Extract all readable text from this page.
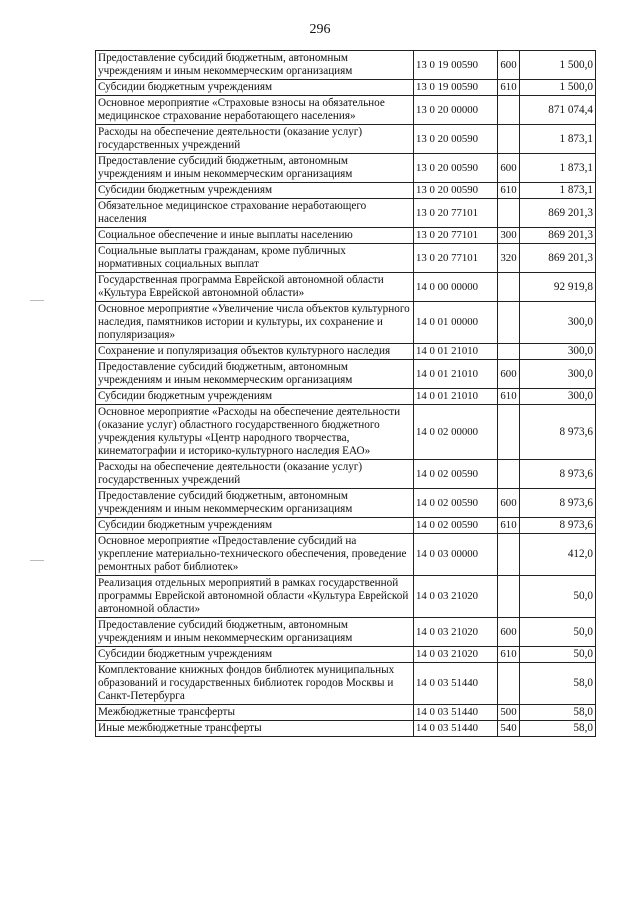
296
Предоставление субсидий бюджетным, автономным учреждениям и иным некоммерческим организациям	13 0 19 00590	600	1 500,0
Субсидии бюджетным учреждениям	13 0 19 00590	610	1 500,0
Основное мероприятие «Страховые взносы на обязательное медицинское страхование неработающего населения»	13 0 20 00000		871 074,4
Расходы на обеспечение деятельности (оказание услуг) государственных учреждений	13 0 20 00590		1 873,1
Предоставление субсидий бюджетным, автономным учреждениям и иным некоммерческим организациям	13 0 20 00590	600	1 873,1
Субсидии бюджетным учреждениям	13 0 20 00590	610	1 873,1
Обязательное медицинское страхование неработающего населения	13 0 20 77101		869 201,3
Социальное обеспечение и иные выплаты населению	13 0 20 77101	300	869 201,3
Социальные выплаты гражданам, кроме публичных нормативных социальных выплат	13 0 20 77101	320	869 201,3
Государственная программа Еврейской автономной области «Культура Еврейской автономной области»	14 0 00 00000		92 919,8
Основное мероприятие «Увеличение числа объектов культурного наследия, памятников истории и культуры, их сохранение и популяризация»	14 0 01 00000		300,0
Сохранение и популяризация объектов культурного наследия	14 0 01 21010		300,0
Предоставление субсидий бюджетным, автономным учреждениям и иным некоммерческим организациям	14 0 01 21010	600	300,0
Субсидии бюджетным учреждениям	14 0 01 21010	610	300,0
Основное мероприятие «Расходы на обеспечение деятельности (оказание услуг) областного государственного бюджетного учреждения культуры «Центр народного творчества, кинематографии и историко-культурного наследия ЕАО»	14 0 02 00000		8 973,6
Расходы на обеспечение деятельности (оказание услуг) государственных учреждений	14 0 02 00590		8 973,6
Предоставление субсидий бюджетным, автономным учреждениям и иным некоммерческим организациям	14 0 02 00590	600	8 973,6
Субсидии бюджетным учреждениям	14 0 02 00590	610	8 973,6
Основное мероприятие «Предоставление субсидий на укрепление материально-технического обеспечения, проведение ремонтных работ библиотек»	14 0 03 00000		412,0
Реализация отдельных мероприятий в рамках государственной программы Еврейской автономной области «Культура Еврейской автономной области»	14 0 03 21020		50,0
Предоставление субсидий бюджетным, автономным учреждениям и иным некоммерческим организациям	14 0 03 21020	600	50,0
Субсидии бюджетным учреждениям	14 0 03 21020	610	50,0
Комплектование книжных фондов библиотек муниципальных образований и государственных библиотек городов Москвы и Санкт-Петербурга	14 0 03 51440		58,0
Межбюджетные трансферты	14 0 03 51440	500	58,0
Иные межбюджетные трансферты	14 0 03 51440	540	58,0
